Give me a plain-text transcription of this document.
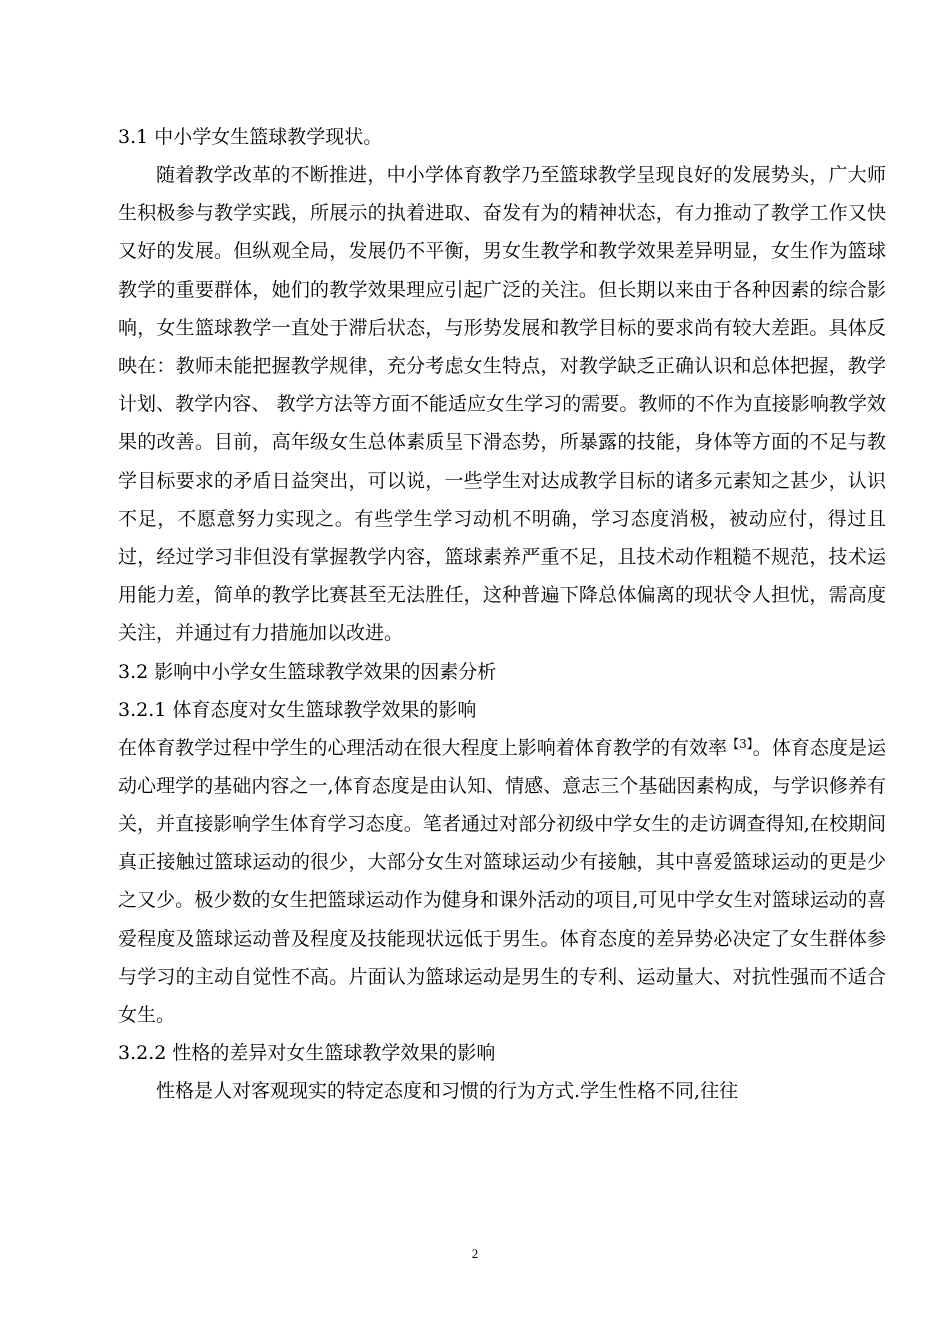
3.1 中小学女生篮球教学现状。

随着教学改革的不断推进，中小学体育教学乃至篮球教学呈现良好的发展势头，广大师生积极参与教学实践，所展示的执着进取、奋发有为的精神状态，有力推动了教学工作又快又好的发展。但纵观全局，发展仍不平衡，男女生教学和教学效果差异明显，女生作为篮球教学的重要群体，她们的教学效果理应引起广泛的关注。但长期以来由于各种因素的综合影响，女生篮球教学一直处于滞后状态，与形势发展和教学目标的要求尚有较大差距。具体反映在：教师未能把握教学规律，充分考虑女生特点，对教学缺乏正确认识和总体把握，教学计划、教学内容、 教学方法等方面不能适应女生学习的需要。教师的不作为直接影响教学效果的改善。目前，高年级女生总体素质呈下滑态势，所暴露的技能，身体等方面的不足与教学目标要求的矛盾日益突出，可以说，一些学生对达成教学目标的诸多元素知之甚少，认识不足，不愿意努力实现之。有些学生学习动机不明确，学习态度消极，被动应付，得过且过，经过学习非但没有掌握教学内容，篮球素养严重不足，且技术动作粗糙不规范，技术运用能力差，简单的教学比赛甚至无法胜任，这种普遍下降总体偏离的现状令人担忧，需高度关注，并通过有力措施加以改进。

3.2 影响中小学女生篮球教学效果的因素分析

3.2.1 体育态度对女生篮球教学效果的影响

在体育教学过程中学生的心理活动在很大程度上影响着体育教学的有效率$^{【3】}$。体育态度是运动心理学的基础内容之一,体育态度是由认知、情感、意志三个基础因素构成，与学识修养有关，并直接影响学生体育学习态度。笔者通过对部分初级中学女生的走访调查得知,在校期间真正接触过篮球运动的很少，大部分女生对篮球运动少有接触，其中喜爱篮球运动的更是少之又少。极少数的女生把篮球运动作为健身和课外活动的项目,可见中学女生对篮球运动的喜爱程度及篮球运动普及程度及技能现状远低于男生。体育态度的差异势必决定了女生群体参与学习的主动自觉性不高。片面认为篮球运动是男生的专利、运动量大、对抗性强而不适合女生。

3.2.2 性格的差异对女生篮球教学效果的影响

性格是人对客观现实的特定态度和习惯的行为方式.学生性格不同,往往

2
